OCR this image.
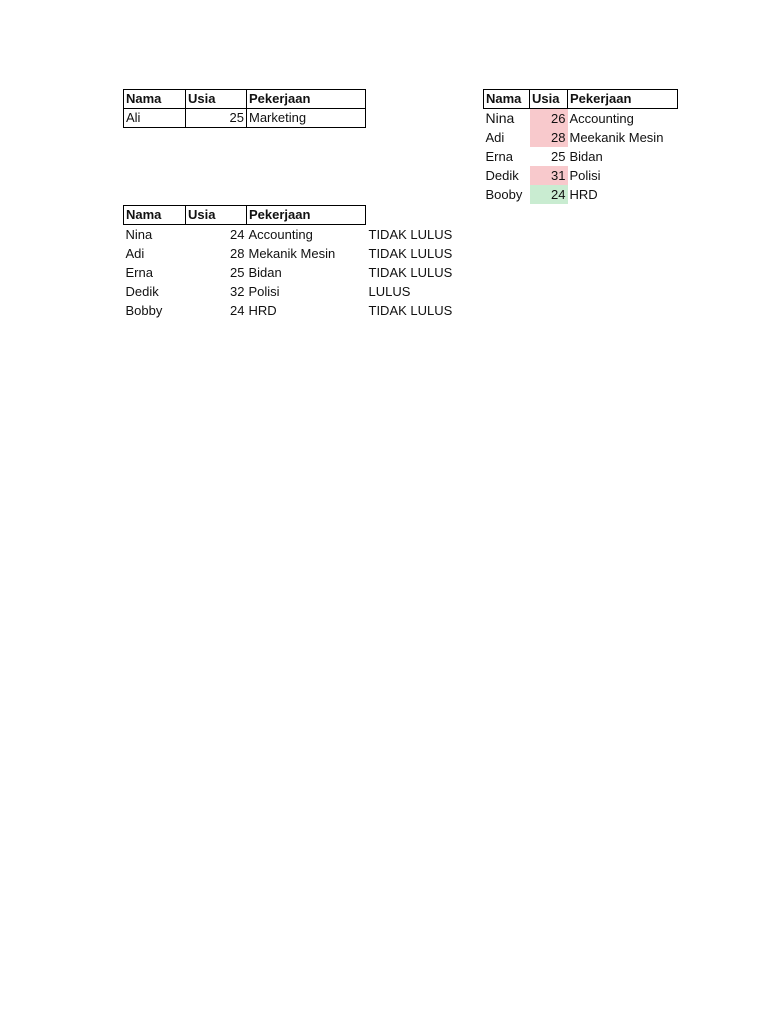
Nama	Usia	Pekerjaan
Ali	25	Marketing
Nama	Usia	Pekerjaan
Nina	26	Accounting
Adi	28	Meekanik Mesin
Erna	25	Bidan
Dedik	31	Polisi
Booby	24	HRD
Nama	Usia	Pekerjaan	
Nina	24	Accounting	TIDAK LULUS
Adi	28	Mekanik Mesin	TIDAK LULUS
Erna	25	Bidan	TIDAK LULUS
Dedik	32	Polisi	LULUS
Bobby	24	HRD	TIDAK LULUS
